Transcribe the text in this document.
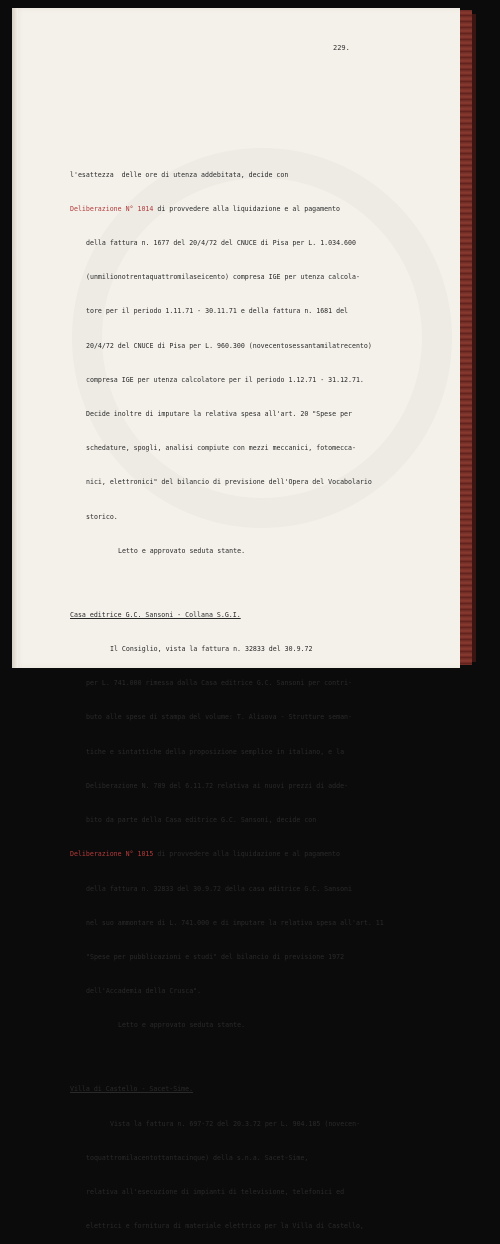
229.

l'esattezza  delle ore di utenza addebitata, decide con

Deliberazione N° 1014 di provvedere alla liquidazione e al pagamento

della fattura n. 1677 del 20/4/72 del CNUCE di Pisa per L. 1.034.600

(unmilionotrentaquattromilaseicento) compresa IGE per utenza calcola-

tore per il periodo 1.11.71 - 30.11.71 e della fattura n. 1681 del

20/4/72 del CNUCE di Pisa per L. 960.300 (novecentosessantamilatrecento)

compresa IGE per utenza calcolatore per il periodo 1.12.71 - 31.12.71.

Decide inoltre di imputare la relativa spesa all'art. 20 "Spese per

schedature, spogli, analisi compiute con mezzi meccanici, fotomecca-

nici, elettronici" del bilancio di previsione dell'Opera del Vocabolario

storico.

Letto e approvato seduta stante.

Casa editrice G.C. Sansoni - Collana S.G.I.

Il Consiglio, vista la fattura n. 32833 del 30.9.72

per L. 741.000 rimessa dalla Casa editrice G.C. Sansoni per contri-

buto alle spese di stampa del volume: T. Alisova - Strutture seman-

tiche e sintattiche della proposizione semplice in italiano, e la

Deliberazione N. 789 del 6.11.72 relativa ai nuovi prezzi di adde-

bito da parte della Casa editrice G.C. Sansoni, decide con

Deliberazione N° 1015 di provvedere alla liquidazione e al pagamento

della fattura n. 32833 del 30.9.72 della casa editrice G.C. Sansoni

nel suo ammontare di L. 741.000 e di imputare la relativa spesa all'art. 11

"Spese per pubblicazioni e studi" del bilancio di previsione 1972

dell'Accademia della Crusca".

Letto e approvato seduta stante.

Villa di Castello - Sacet-Sime.

Vista la fattura n. 697-72 del 20.3.72 per L. 904.185 (novecen-

toquattromilacentottantacinque) della s.n.a. Sacet-Sime,

relativa all'esecuzione di impianti di televisione, telefonici ed

elettrici e fornitura di materiale elettrico per la Villa di Castello,
